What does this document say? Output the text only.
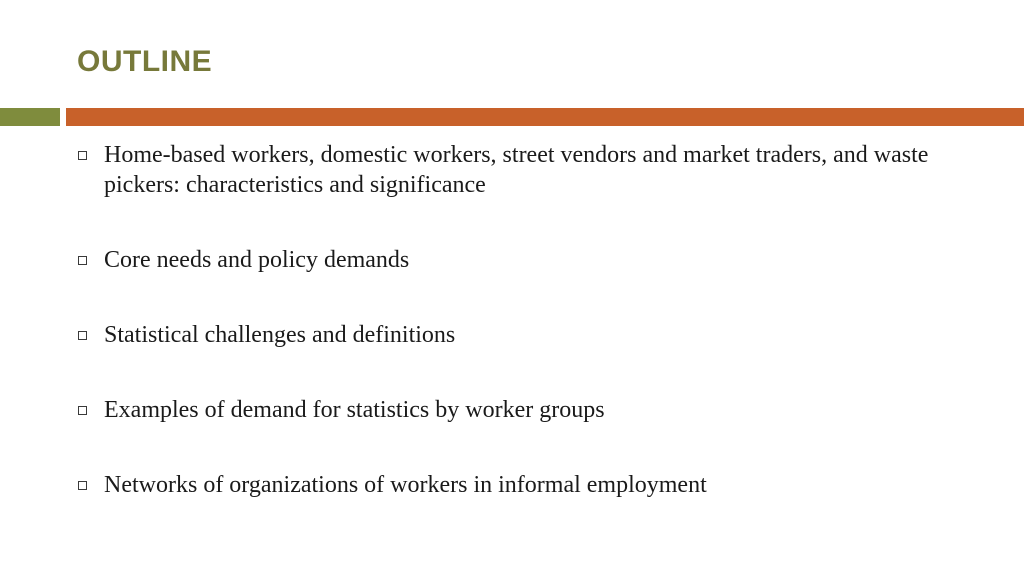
OUTLINE
Home-based workers, domestic workers, street vendors and market traders, and waste pickers: characteristics and significance
Core needs and policy demands
Statistical challenges and definitions
Examples of demand for statistics by worker groups
Networks of organizations of workers in informal employment
